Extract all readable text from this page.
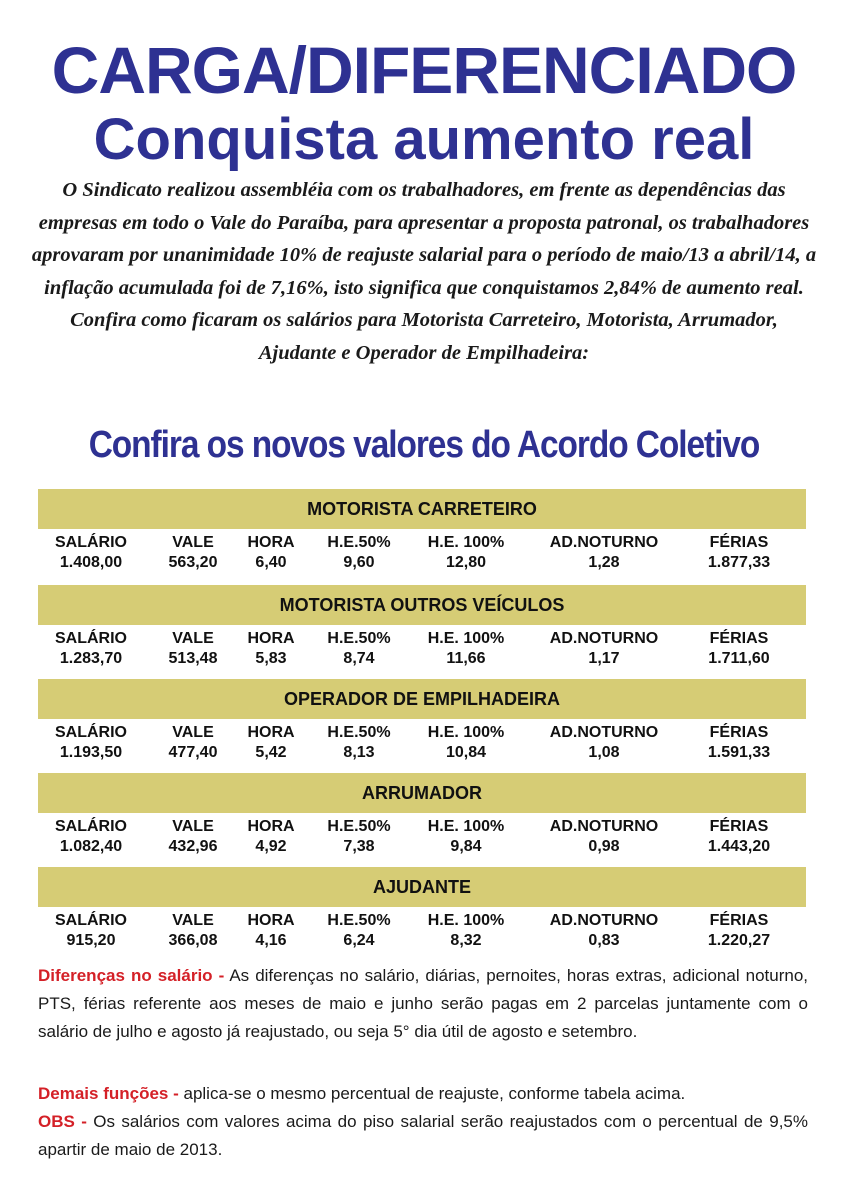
CARGA/DIFERENCIADO
Conquista aumento real
O Sindicato realizou assembléia com os trabalhadores, em frente as dependências das empresas em todo o Vale do Paraíba, para apresentar a proposta patronal, os trabalhadores aprovaram por unanimidade 10% de reajuste salarial para o período de maio/13 a abril/14, a inflação acumulada foi de 7,16%, isto significa que conquistamos 2,84% de aumento real. Confira como ficaram os salários para Motorista Carreteiro, Motorista, Arrumador, Ajudante e Operador de Empilhadeira:
Confira os novos valores do Acordo Coletivo
MOTORISTA CARRETEIRO
SALÁRIO
1.408,00
VALE
563,20
HORA
6,40
H.E.50%
9,60
H.E. 100%
12,80
AD.NOTURNO
1,28
FÉRIAS
1.877,33
MOTORISTA OUTROS VEÍCULOS
SALÁRIO
1.283,70
VALE
513,48
HORA
5,83
H.E.50%
8,74
H.E. 100%
11,66
AD.NOTURNO
1,17
FÉRIAS
1.711,60
OPERADOR DE EMPILHADEIRA
SALÁRIO
1.193,50
VALE
477,40
HORA
5,42
H.E.50%
8,13
H.E. 100%
10,84
AD.NOTURNO
1,08
FÉRIAS
1.591,33
ARRUMADOR
SALÁRIO
1.082,40
VALE
432,96
HORA
4,92
H.E.50%
7,38
H.E. 100%
9,84
AD.NOTURNO
0,98
FÉRIAS
1.443,20
AJUDANTE
SALÁRIO
915,20
VALE
366,08
HORA
4,16
H.E.50%
6,24
H.E. 100%
8,32
AD.NOTURNO
0,83
FÉRIAS
1.220,27
Diferenças no salário - As diferenças no salário, diárias, pernoites, horas extras, adicional noturno, PTS, férias referente aos meses de maio e junho serão pagas em 2 parcelas juntamente com o salário de julho e agosto já reajustado, ou seja 5° dia útil de agosto e setembro.
Demais funções - aplica-se o mesmo percentual de reajuste, conforme tabela acima.
OBS - Os salários com valores acima do piso salarial serão reajustados com o percentual de 9,5% apartir de maio de 2013.
